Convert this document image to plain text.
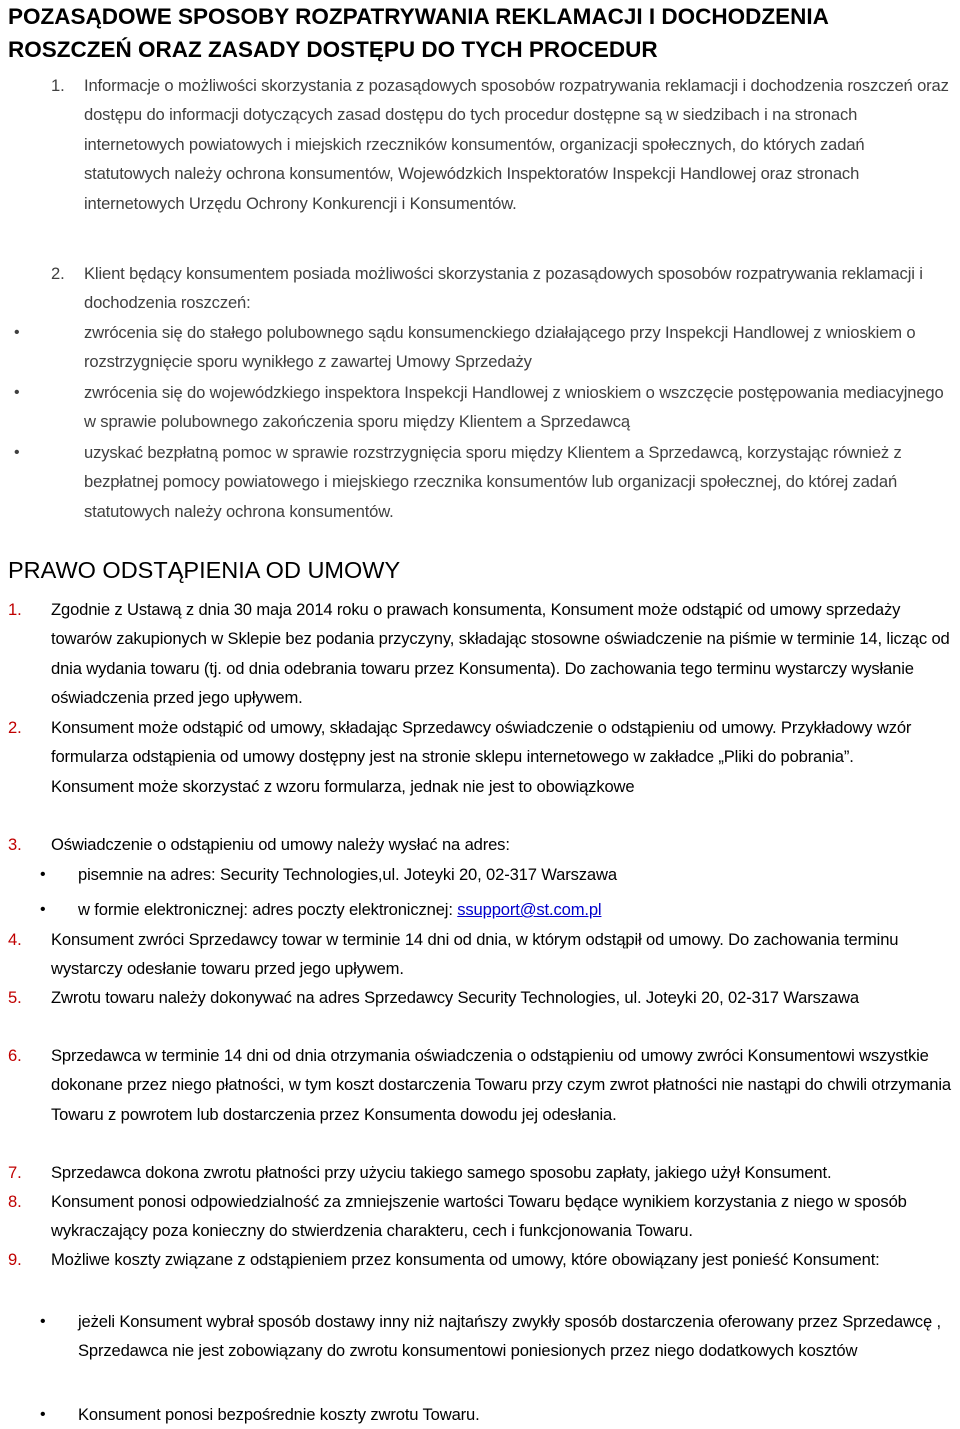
POZASĄDOWE SPOSOBY ROZPATRYWANIA REKLAMACJI I DOCHODZENIA ROSZCZEŃ ORAZ ZASADY DOSTĘPU DO TYCH PROCEDUR
1. Informacje o możliwości skorzystania z pozasądowych sposobów rozpatrywania reklamacji i dochodzenia roszczeń oraz dostępu do informacji dotyczących zasad dostępu do tych procedur dostępne są w siedzibach i na stronach internetowych powiatowych i miejskich rzeczników konsumentów, organizacji społecznych, do których zadań statutowych należy ochrona konsumentów, Wojewódzkich Inspektoratów Inspekcji Handlowej oraz stronach internetowych Urzędu Ochrony Konkurencji i Konsumentów.

2. Klient będący konsumentem posiada możliwości skorzystania z pozasądowych sposobów rozpatrywania reklamacji i dochodzenia roszczeń:

•	zwrócenia się do stałego polubownego sądu konsumenckiego działającego przy Inspekcji Handlowej z wnioskiem o rozstrzygnięcie sporu wynikłego z zawartej Umowy Sprzedaży

•	zwrócenia się do wojewódzkiego inspektora Inspekcji Handlowej z wnioskiem o wszczęcie postępowania mediacyjnego w sprawie polubownego zakończenia sporu między Klientem a Sprzedawcą

•	uzyskać bezpłatną pomoc w sprawie rozstrzygnięcia sporu między Klientem a Sprzedawcą, korzystając również z bezpłatnej pomocy powiatowego i miejskiego rzecznika konsumentów lub organizacji społecznej, do której zadań statutowych należy ochrona konsumentów.

PRAWO ODSTĄPIENIA OD UMOWY
1. Zgodnie z Ustawą z dnia 30 maja 2014 roku o prawach konsumenta, Konsument może odstąpić od umowy sprzedaży towarów zakupionych w Sklepie bez podania przyczyny, składając stosowne oświadczenie na piśmie w terminie 14, licząc od dnia wydania towaru (tj. od dnia odebrania towaru przez Konsumenta). Do zachowania tego terminu wystarczy wysłanie oświadczenia przed jego upływem.

2. Konsument może odstąpić od umowy, składając Sprzedawcy oświadczenie o odstąpieniu od umowy. Przykładowy wzór formularza odstąpienia od umowy dostępny jest na stronie sklepu internetowego w zakładce „Pliki do pobrania”. Konsument może skorzystać z wzoru formularza, jednak nie jest to obowiązkowe

3. Oświadczenie o odstąpieniu od umowy należy wysłać na adres:

• pisemnie na adres: Security Technologies,ul. Joteyki 20, 02-317 Warszawa

• w formie elektronicznej: adres poczty elektronicznej: ssupport@st.com.pl

4. Konsument zwróci Sprzedawcy towar w terminie 14 dni od dnia, w którym odstąpił od umowy. Do zachowania terminu wystarczy odesłanie towaru przed jego upływem.

5. Zwrotu towaru należy dokonywać na adres Sprzedawcy Security Technologies, ul. Joteyki 20, 02-317 Warszawa

6. Sprzedawca w terminie 14 dni od dnia otrzymania oświadczenia o odstąpieniu od umowy zwróci Konsumentowi wszystkie dokonane przez niego płatności, w tym koszt dostarczenia Towaru przy czym zwrot płatności nie nastąpi do chwili otrzymania Towaru z powrotem lub dostarczenia przez Konsumenta dowodu jej odesłania.

7. Sprzedawca dokona zwrotu płatności przy użyciu takiego samego sposobu zapłaty, jakiego użył Konsument.

8. Konsument ponosi odpowiedzialność za zmniejszenie wartości Towaru będące wynikiem korzystania z niego w sposób wykraczający poza konieczny do stwierdzenia charakteru, cech i funkcjonowania Towaru.

9. Możliwe koszty związane z odstąpieniem przez konsumenta od umowy, które obowiązany jest ponieść Konsument:

• jeżeli Konsument wybrał sposób dostawy inny niż najtańszy zwykły sposób dostarczenia oferowany przez Sprzedawcę , Sprzedawca nie jest zobowiązany do zwrotu konsumentowi poniesionych przez niego dodatkowych kosztów

• Konsument ponosi bezpośrednie koszty zwrotu Towaru.
